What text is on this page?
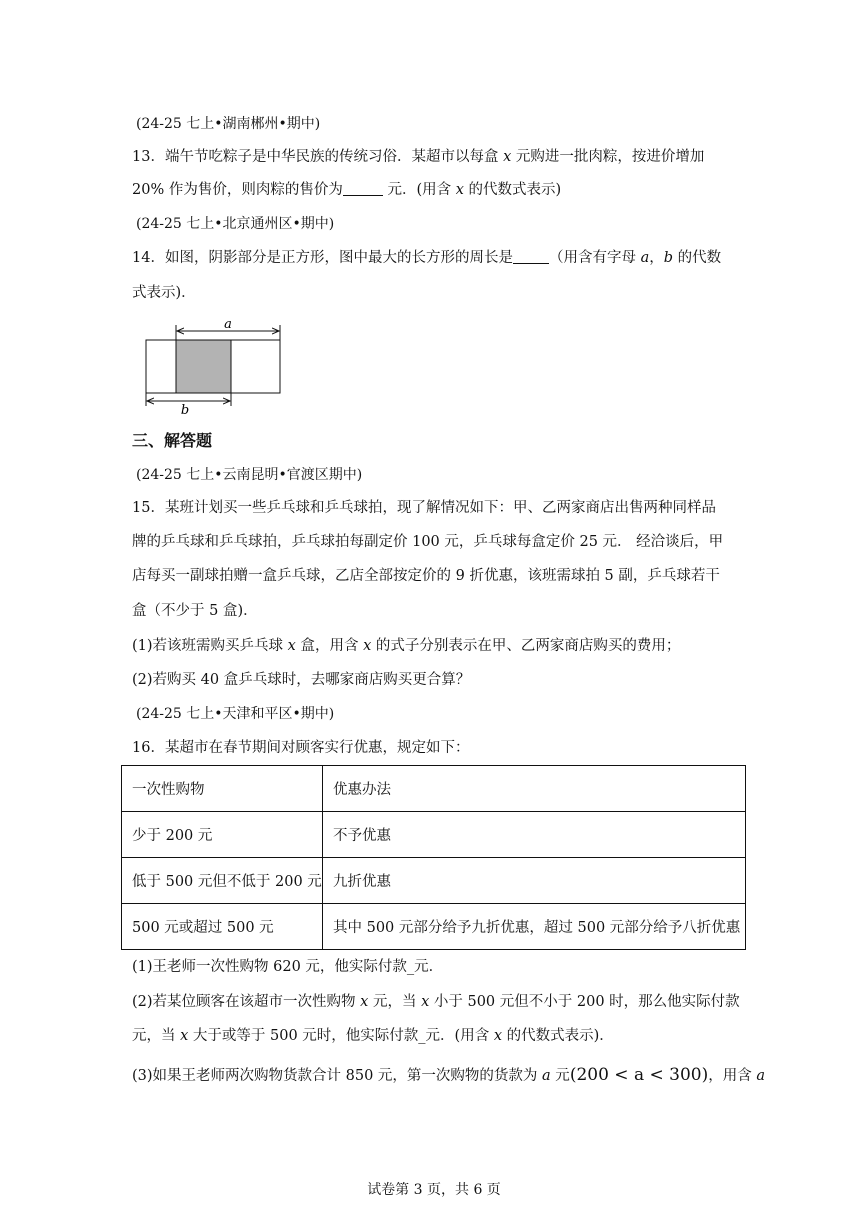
(24-25 七上•湖南郴州•期中)
13．端午节吃粽子是中华民族的传统习俗．某超市以每盒 x 元购进一批肉粽，按进价增加
20% 作为售价，则肉粽的售价为	元．(用含 x 的代数式表示)
(24-25 七上•北京通州区•期中)
14．如图，阴影部分是正方形，图中最大的长方形的周长是 （用含有字母 a，b 的代数
式表示)．
a
b
三、解答题
(24-25 七上•云南昆明•官渡区期中)
15．某班计划买一些乒乓球和乒乓球拍，现了解情况如下：甲、乙两家商店出售两种同样品
牌的乒乓球和乒乓球拍，乒乓球拍每副定价 100 元，乒乓球每盒定价 25 元． 经洽谈后，甲
店每买一副球拍赠一盒乒乓球，乙店全部按定价的 9 折优惠，该班需球拍 5 副，乒乓球若干
盒（不少于 5 盒)．
(1)若该班需购买乒乓球 x 盒，用含 x 的式子分别表示在甲、乙两家商店购买的费用；
(2)若购买 40 盒乒乓球时，去哪家商店购买更合算？
(24-25 七上•天津和平区•期中)
16．某超市在春节期间对顾客实行优惠，规定如下：
一次性购物	优惠办法
少于 200 元	不予优惠
低于 500 元但不低于 200 元	九折优惠
500 元或超过 500 元	其中 500 元部分给予九折优惠，超过 500 元部分给予八折优惠
(1)王老师一次性购物 620 元，他实际付款_元．
(2)若某位顾客在该超市一次性购物 x 元，当 x 小于 500 元但不小于 200 时，那么他实际付款
元，当 x 大于或等于 500 元时，他实际付款_元．(用含 x 的代数式表示)．
(3)如果王老师两次购物货款合计 850 元，第一次购物的货款为 a 元(200 < a < 300)，用含 a
试卷第 3 页，共 6 页
